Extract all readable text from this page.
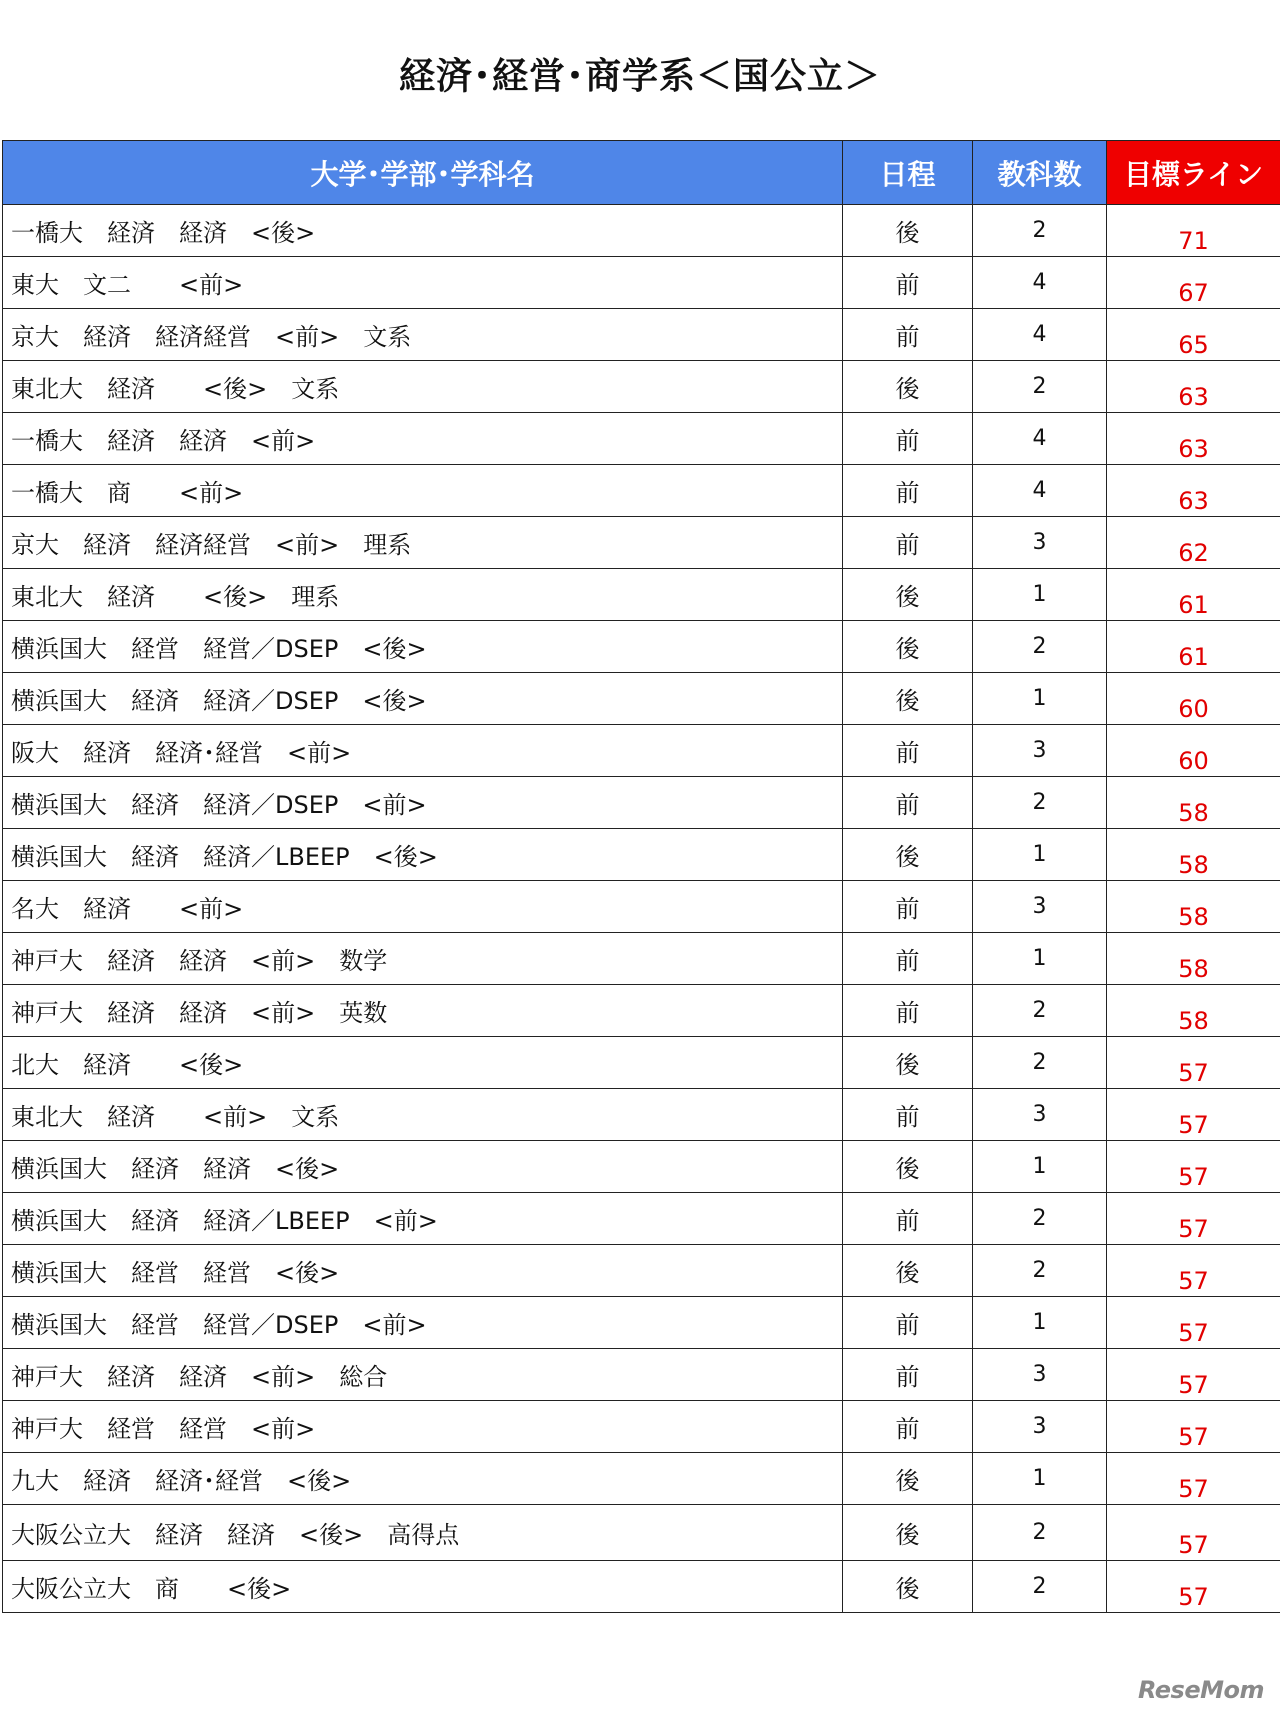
経済･経営･商学系＜国公立＞
大学･学部･学科名	日程	教科数	目標ライン
一橋大　経済　経済　<後>	後	2	71
東大　文二　　<前>	前	4	67
京大　経済　経済経営　<前>　文系	前	4	65
東北大　経済　　<後>　文系	後	2	63
一橋大　経済　経済　<前>	前	4	63
一橋大　商　　<前>	前	4	63
京大　経済　経済経営　<前>　理系	前	3	62
東北大　経済　　<後>　理系	後	1	61
横浜国大　経営　経営／DSEP　<後>	後	2	61
横浜国大　経済　経済／DSEP　<後>	後	1	60
阪大　経済　経済･経営　<前>	前	3	60
横浜国大　経済　経済／DSEP　<前>	前	2	58
横浜国大　経済　経済／LBEEP　<後>	後	1	58
名大　経済　　<前>	前	3	58
神戸大　経済　経済　<前>　数学	前	1	58
神戸大　経済　経済　<前>　英数	前	2	58
北大　経済　　<後>	後	2	57
東北大　経済　　<前>　文系	前	3	57
横浜国大　経済　経済　<後>	後	1	57
横浜国大　経済　経済／LBEEP　<前>	前	2	57
横浜国大　経営　経営　<後>	後	2	57
横浜国大　経営　経営／DSEP　<前>	前	1	57
神戸大　経済　経済　<前>　総合	前	3	57
神戸大　経営　経営　<前>	前	3	57
九大　経済　経済･経営　<後>	後	1	57
大阪公立大　経済　経済　<後>　高得点	後	2	57
大阪公立大　商　　<後>	後	2	57
ReseMom
